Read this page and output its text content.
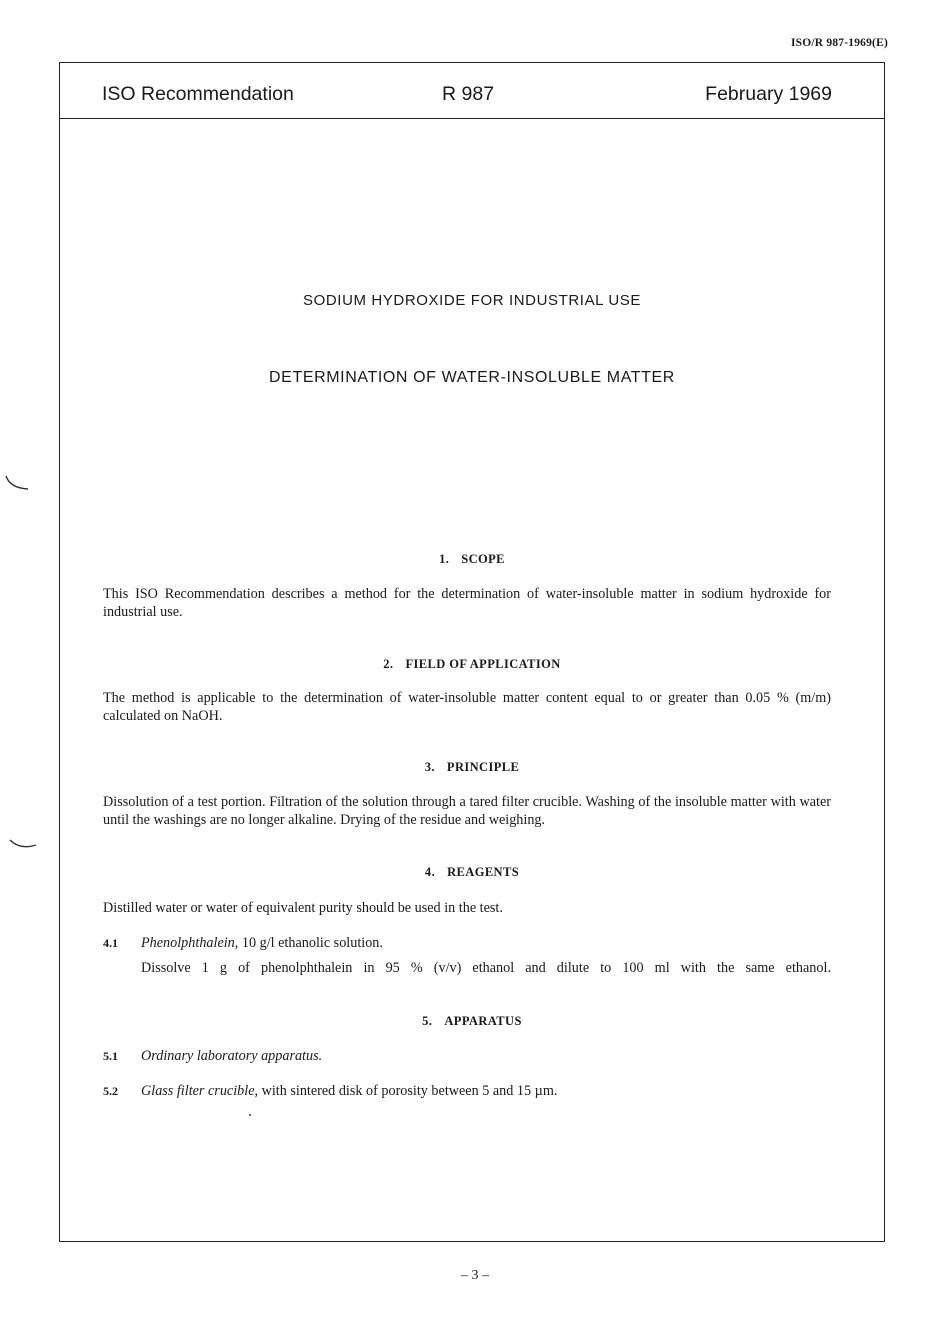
ISO/R 987-1969(E)
ISO Recommendation	R 987	February 1969
SODIUM HYDROXIDE FOR INDUSTRIAL USE
DETERMINATION OF WATER-INSOLUBLE MATTER
1. SCOPE
This ISO Recommendation describes a method for the determination of water-insoluble matter in sodium hydroxide for industrial use.
2. FIELD OF APPLICATION
The method is applicable to the determination of water-insoluble matter content equal to or greater than 0.05 % (m/m) calculated on NaOH.
3. PRINCIPLE
Dissolution of a test portion. Filtration of the solution through a tared filter crucible. Washing of the insoluble matter with water until the washings are no longer alkaline. Drying of the residue and weighing.
4. REAGENTS
Distilled water or water of equivalent purity should be used in the test.
4.1 Phenolphthalein, 10 g/l ethanolic solution.
Dissolve 1 g of phenolphthalein in 95 % (v/v) ethanol and dilute to 100 ml with the same ethanol.
5. APPARATUS
5.1 Ordinary laboratory apparatus.
5.2 Glass filter crucible, with sintered disk of porosity between 5 and 15 µm.
– 3 –
